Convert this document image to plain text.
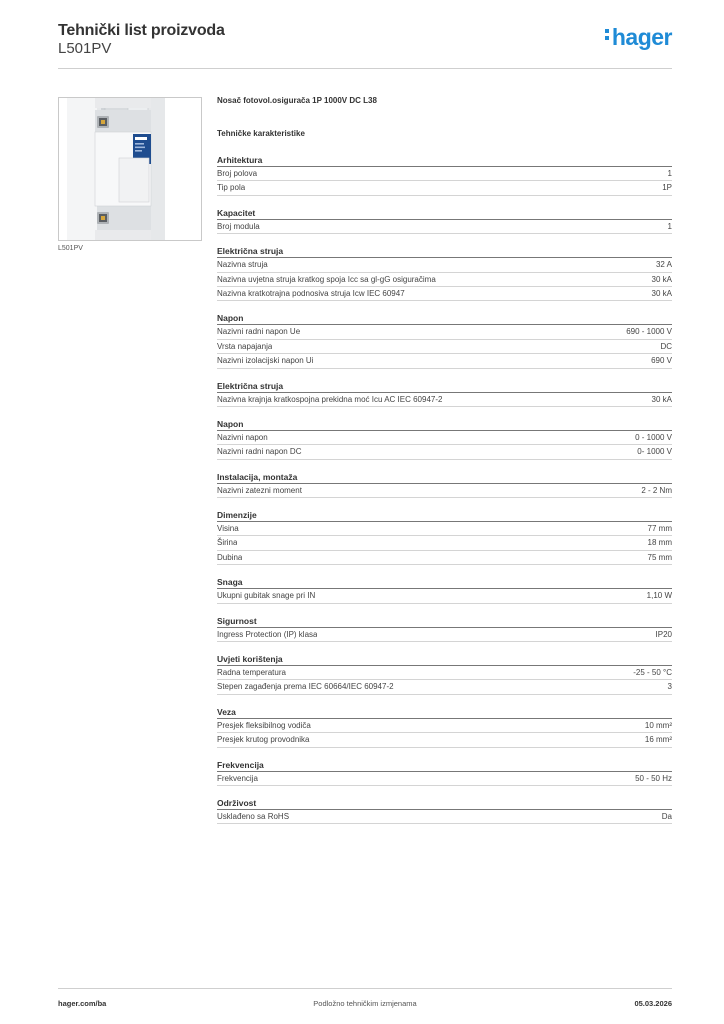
Tehnički list proizvoda
L501PV	hager
L501PV
Nosač fotovol.osigurača 1P 1000V DC L38
Tehničke karakteristike
Arhitektura
Broj polova	1
Tip pola	1P
Kapacitet
Broj modula	1
Električna struja
Nazivna struja	32 A
Nazivna uvjetna struja kratkog spoja Icc sa gl-gG osiguračima	30 kA
Nazivna kratkotrajna podnosiva struja Icw IEC 60947	30 kA
Napon
Nazivni radni napon Ue	690 - 1000 V
Vrsta napajanja	DC
Nazivni izolacijski napon Ui	690 V
Električna struja
Nazivna krajnja kratkospojna prekidna moć Icu AC IEC 60947-2	30 kA
Napon
Nazivni napon	0 - 1000 V
Nazivni radni napon DC	0- 1000 V
Instalacija, montaža
Nazivni zatezni moment	2 - 2 Nm
Dimenzije
Visina	77 mm
Širina	18 mm
Dubina	75 mm
Snaga
Ukupni gubitak snage pri IN	1,10 W
Sigurnost
Ingress Protection (IP) klasa	IP20
Uvjeti korištenja
Radna temperatura	-25 - 50 °C
Stepen zagađenja prema IEC 60664/IEC 60947-2	3
Veza
Presjek fleksibilnog vodiča	10 mm²
Presjek krutog provodnika	16 mm²
Frekvencija
Frekvencija	50 - 50 Hz
Održivost
Usklađeno sa RoHS	Da
hager.com/ba	Podložno tehničkim izmjenama	05.03.2026
